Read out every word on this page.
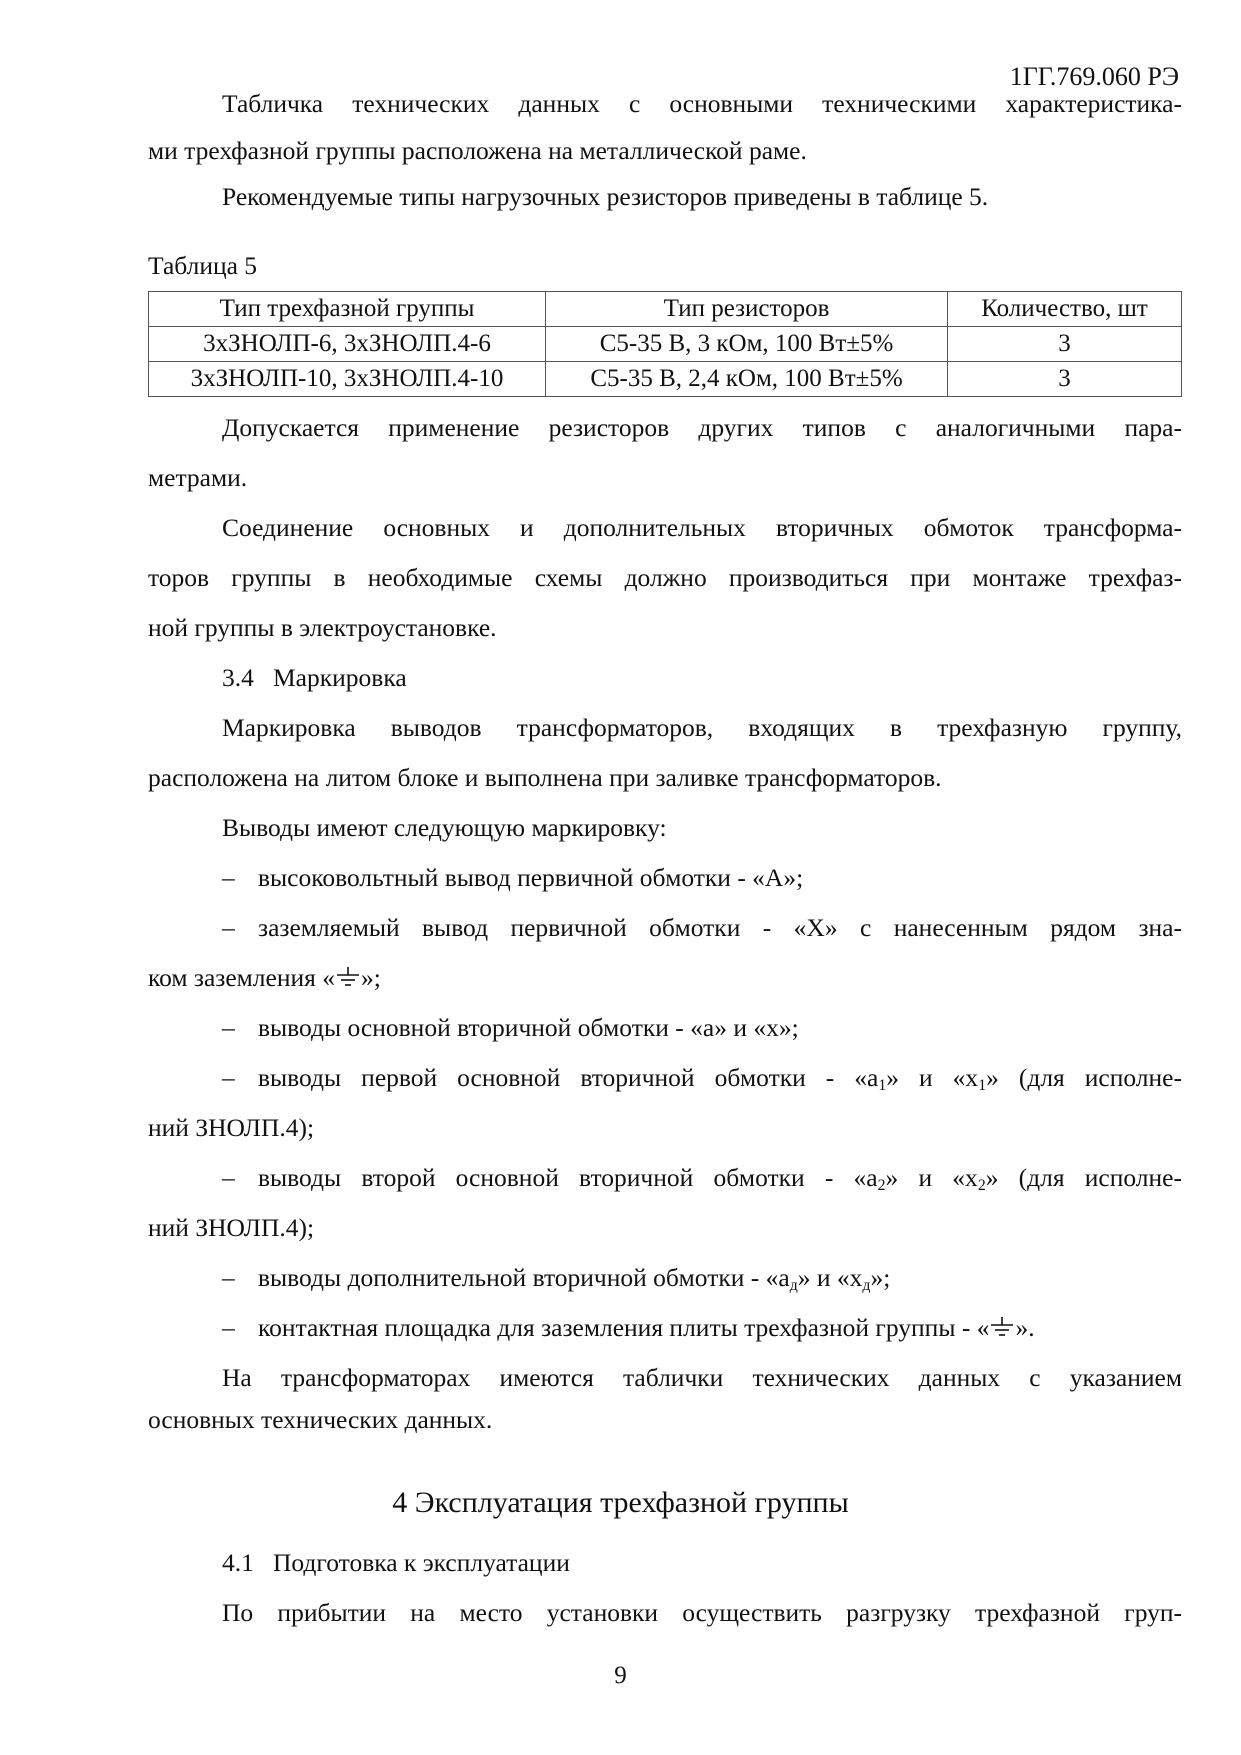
1ГГ.769.060 РЭ
Табличка технических данных с основными техническими характеристика-
ми трехфазной группы расположена на металлической раме.
Рекомендуемые типы нагрузочных резисторов приведены в таблице 5.
Таблица 5
Тип трехфазной группы	Тип резисторов	Количество, шт
3хЗНОЛП-6, 3хЗНОЛП.4-6	С5-35 В, 3 кОм, 100 Вт±5%	3
3хЗНОЛП-10, 3хЗНОЛП.4-10	С5-35 В, 2,4 кОм, 100 Вт±5%	3
Допускается применение резисторов других типов с аналогичными пара-
метрами.
Соединение основных и дополнительных вторичных обмоток трансформа-
торов группы в необходимые схемы должно производиться при монтаже трехфаз-
ной группы в электроустановке.
3.4   Маркировка
Маркировка выводов трансформаторов, входящих в трехфазную группу,
расположена на литом блоке и выполнена при заливке трансформаторов.
Выводы имеют следующую маркировку:
– высоковольтный вывод первичной обмотки - «А»;
– заземляемый вывод первичной обмотки - «Х» с нанесенным рядом зна-
ком заземления « »;
– выводы основной вторичной обмотки - «а» и «х»;
– выводы первой основной вторичной обмотки - «$а_1$» и «$х_1$» (для исполне-
ний ЗНОЛП.4);
– выводы второй основной вторичной обмотки - «$а_2$» и «$х_2$» (для исполне-
ний ЗНОЛП.4);
– выводы дополнительной вторичной обмотки - «$а_д$» и «$х_д$»;
– контактная площадка для заземления плиты трехфазной группы - « ».
На трансформаторах имеются таблички технических данных с указанием
основных технических данных.
4 Эксплуатация трехфазной группы
4.1   Подготовка к эксплуатации
По прибытии на место установки осуществить разгрузку трехфазной груп-
9
